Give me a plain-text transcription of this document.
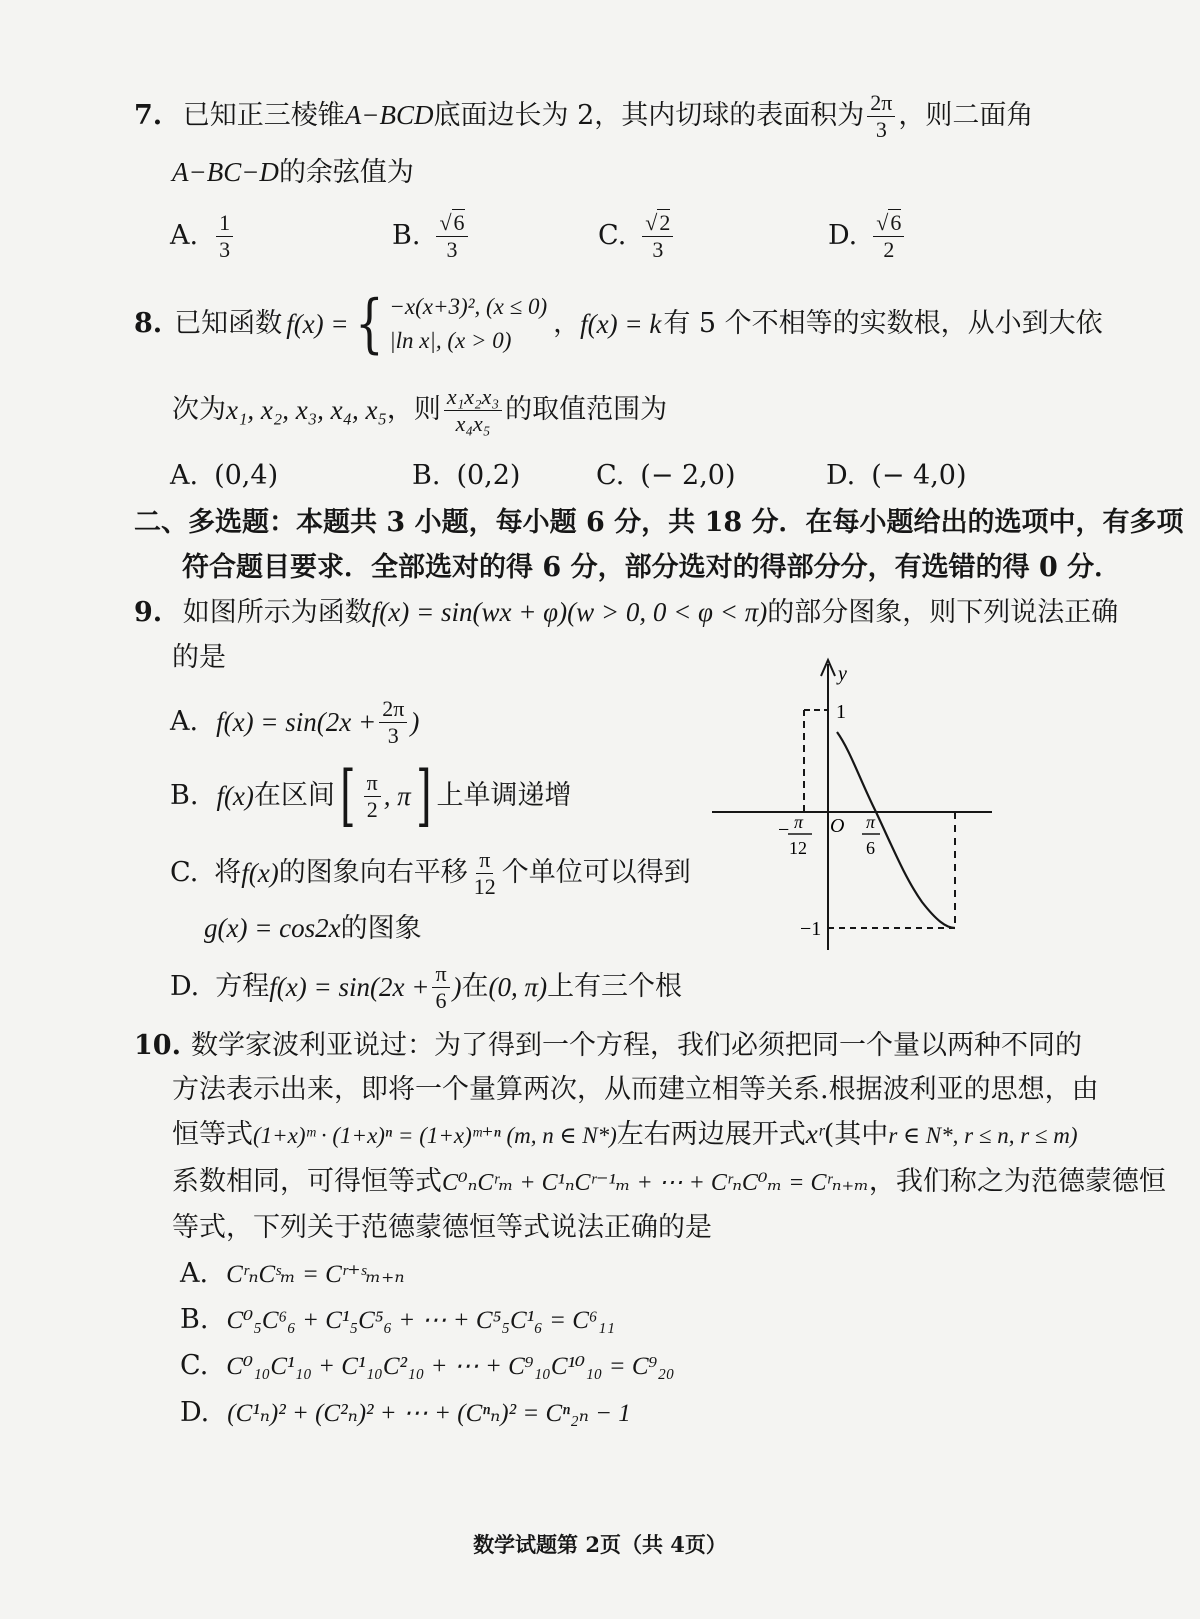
7. 已知正三棱锥A−BCD底面边长为 2，其内切球的表面积为 $\frac{2\pi}{3}$ ，则二面角
A−BC−D的余弦值为
A. $\frac{1}{3}$	B. $\frac{√6}{3}$	C. $\frac{√2}{3}$	D. $\frac{√6}{2}$
8. 已知函数 f(x) = { −x(x+3)², (x ≤ 0)
|ln x|, (x > 0)
， f(x) = k 有 5 个不相等的实数根，从小到大依
次为 x₁, x₂, x₃, x₄, x₅ ，则 $\frac{\text{x₁x₂x₃}}{\text{x₄x₅}}$ 的取值范围为
A. (0,4)	B. (0,2)	C. (− 2,0)	D. (− 4,0)
二、多选题：本题共 3 小题，每小题 6 分，共 18 分．在每小题给出的选项中，有多项
符合题目要求．全部选对的得 6 分，部分选对的得部分分，有选错的得 0 分．
9. 如图所示为函数f(x) = sin(wx + φ)(w > 0, 0 < φ < π)的部分图象，则下列说法正确
的是
A. $f(x) = \sin(2x + \frac{2\pi}{3}$ )
B. f(x) 在区间 [ $\frac{\pi}{2}$ , π ] 上单调递增
C. 将 f(x) 的图象向右平移 $\frac{\pi}{12}$ 个单位可以得到
g(x) = cos2x的图象
D. 方程 $f(x) = \sin(2x + \frac{\pi}{6}$ ) 在 (0, π) 上有三个根
y
1
−1
O
− π
12
π
6
10. 数学家波利亚说过：为了得到一个方程，我们必须把同一个量以两种不同的
方法表示出来，即将一个量算两次，从而建立相等关系.根据波利亚的思想，由
恒等式(1+x)ᵐ · (1+x)ⁿ = (1+x)ᵐ⁺ⁿ (m, n ∈ N*)左右两边展开式xʳ(其中r ∈ N*, r ≤ n, r ≤ m)
系数相同，可得恒等式C⁰ₙCʳₘ + C¹ₙCʳ⁻¹ₘ + ⋯ + CʳₙC⁰ₘ = Cʳₙ₊ₘ，我们称之为范德蒙德恒
等式，下列关于范德蒙德恒等式说法正确的是
A. CʳₙCˢₘ = Cʳ⁺ˢₘ₊ₙ
B. C⁰₅C⁶₆ + C¹₅C⁵₆ + ⋯ + C⁵₅C¹₆ = C⁶₁₁
C. C⁰₁₀C¹₁₀ + C¹₁₀C²₁₀ + ⋯ + C⁹₁₀C¹⁰₁₀ = C⁹₂₀
D. (C¹ₙ)² + (C²ₙ)² + ⋯ + (Cⁿₙ)² = Cⁿ₂ₙ − 1
数学试题第 2页（共 4页）
